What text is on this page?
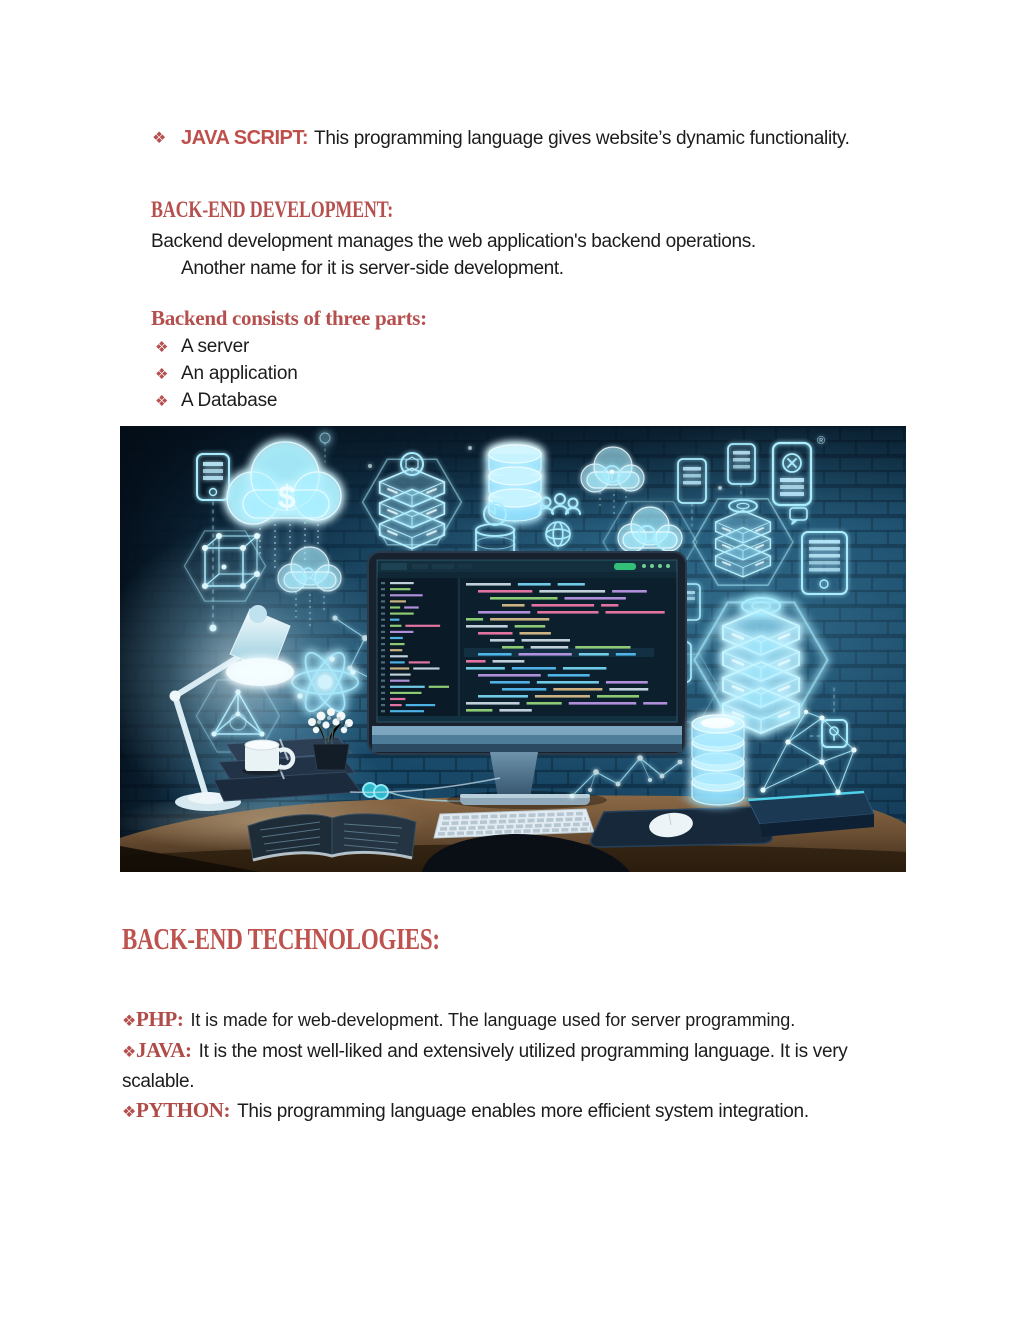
❖ JAVA SCRIPT: This programming language gives website’s dynamic functionality.

BACK-END DEVELOPMENT:

Backend development manages the web application's backend operations.

Another name for it is server-side development.

Backend consists of three parts:
❖ A server
❖ An application
❖ A Database
$
®
BACK-END TECHNOLOGIES:

❖PHP: It is made for web-development. The language used for server programming.

❖JAVA: It is the most well-liked and extensively utilized programming language. It is very scalable.

❖PYTHON: This programming language enables more efficient system integration.
